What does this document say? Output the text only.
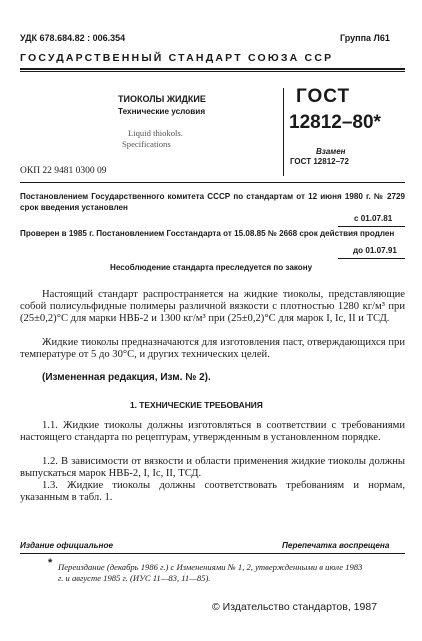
УДК 678.684.82 : 006.354	Группа Л61
ГОСУДАРСТВЕННЫЙ СТАНДАРТ СОЮЗА ССР
ТИОКОЛЫ ЖИДКИЕ
Технические условия
Liquid thiokols.
Specifications
ОКП 22 9481 0300 09
ГОСТ
12812–80*
Взамен
ГОСТ 12812–72
Постановлением Государственного комитета СССР по стандартам от 12 июня 1980 г. № 2729 срок введения установлен
с 01.07.81
Проверен в 1985 г. Постановлением Госстандарта от 15.08.85 № 2668 срок действия продлен
до 01.07.91
Несоблюдение стандарта преследуется по закону
Настоящий стандарт распространяется на жидкие тиоколы, представляющие собой полисульфидные полимеры различной вязкости с плотностью 1280 кг/м³ при (25±0,2)°С для марки НВБ-2 и 1300 кг/м³ при (25±0,2)°С для марок I, Iс, II и ТСД.
Жидкие тиоколы предназначаются для изготовления паст, отверждающихся при температуре от 5 до 30°С, и других технических целей.
(Измененная редакция, Изм. № 2).
1. ТЕХНИЧЕСКИЕ ТРЕБОВАНИЯ
1.1. Жидкие тиоколы должны изготовляться в соответствии с требованиями настоящего стандарта по рецептурам, утвержденным в установленном порядке.
1.2. В зависимости от вязкости и области применения жидкие тиоколы должны выпускаться марок НВБ-2, I, Iс, II, ТСД.
1.3. Жидкие тиоколы должны соответствовать требованиям и нормам, указанным в табл. 1.
Издание официальное	Перепечатка воспрещена
* Переиздание (декабрь 1986 г.) с Изменениями № 1, 2, утвержденными в июле 1983 г. и августе 1985 г. (ИУС 11—83, 11—85).
© Издательство стандартов, 1987
